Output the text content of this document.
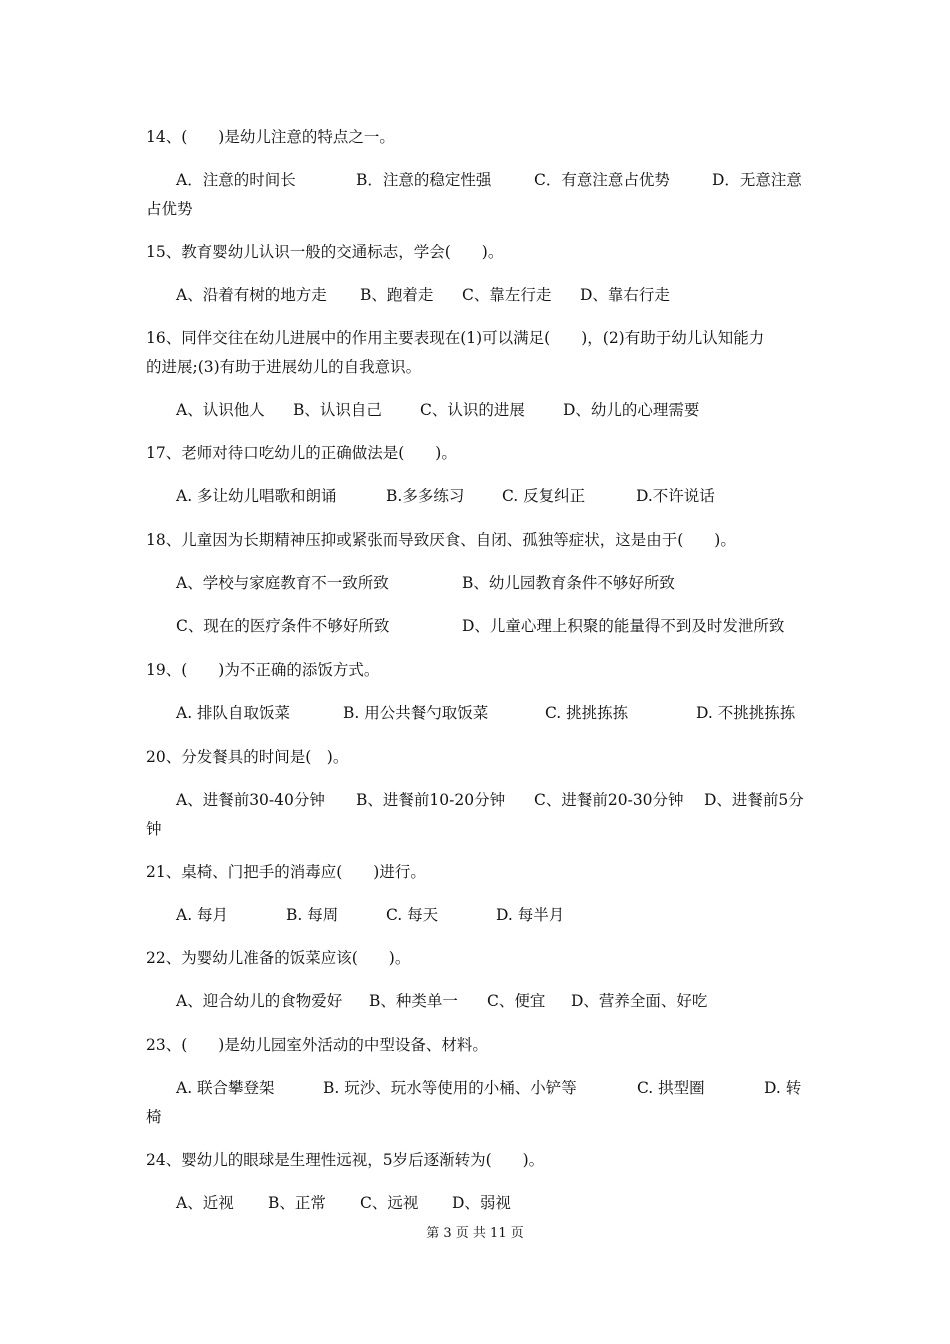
14、(　　)是幼儿注意的特点之一。
A．注意的时间长	B．注意的稳定性强	C．有意注意占优势	D．无意注意
占优势
15、教育婴幼儿认识一般的交通标志，学会(　　)。
A、沿着有树的地方走 B、跑着走 C、靠左行走 D、靠右行走
16、同伴交往在幼儿进展中的作用主要表现在(1)可以满足(　　)，(2)有助于幼儿认知能力
的进展;(3)有助于进展幼儿的自我意识。
A、认识他人 B、认识自己 C、认识的进展 D、幼儿的心理需要
17、老师对待口吃幼儿的正确做法是(　　)。
A. 多让幼儿唱歌和朗诵	B.多多练习 C. 反复纠正	D.不许说话
18、儿童因为长期精神压抑或紧张而导致厌食、自闭、孤独等症状，这是由于(　　)。
A、学校与家庭教育不一致所致	B、幼儿园教育条件不够好所致
C、现在的医疗条件不够好所致	D、儿童心理上积聚的能量得不到及时发泄所致
19、(　　)为不正确的添饭方式。
A. 排队自取饭菜	B. 用公共餐勺取饭菜	C. 挑挑拣拣	D. 不挑挑拣拣
20、分发餐具的时间是(　)。
A、进餐前30-40分钟 B、进餐前10-20分钟 C、进餐前20-30分钟 D、进餐前5分
钟
21、桌椅、门把手的消毒应(　　)进行。
A. 每月	B. 每周	C. 每天	D. 每半月
22、为婴幼儿准备的饭菜应该(　　)。
A、迎合幼儿的食物爱好 B、种类单一 C、便宜 D、营养全面、好吃
23、(　　)是幼儿园室外活动的中型设备、材料。
A. 联合攀登架	B. 玩沙、玩水等使用的小桶、小铲等	C. 拱型圈	D. 转
椅
24、婴幼儿的眼球是生理性远视，5岁后逐渐转为(　　)。
A、近视 B、正常 C、远视 D、弱视
第 3 页 共 11 页
